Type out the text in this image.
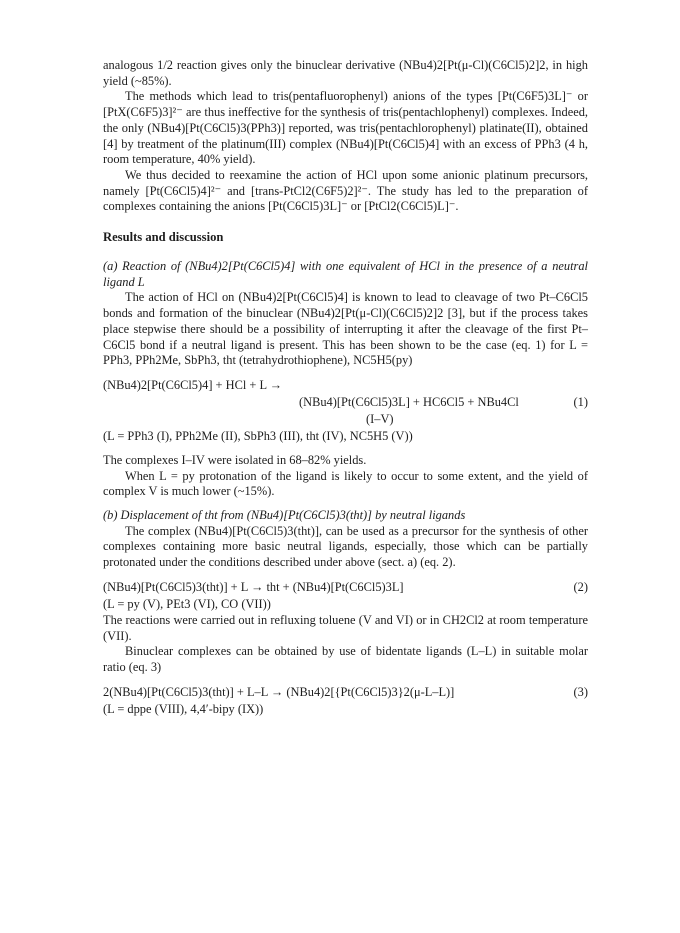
analogous 1/2 reaction gives only the binuclear derivative (NBu4)2[Pt(μ-Cl)(C6Cl5)2]2, in high yield (~85%).

The methods which lead to tris(pentafluorophenyl) anions of the types [Pt(C6F5)3L]⁻ or [PtX(C6F5)3]²⁻ are thus ineffective for the synthesis of tris(pentachlophenyl) complexes. Indeed, the only (NBu4)[Pt(C6Cl5)3(PPh3)] reported, was tris(pentachlorophenyl) platinate(II), obtained [4] by treatment of the platinum(III) complex (NBu4)[Pt(C6Cl5)4] with an excess of PPh3 (4 h, room temperature, 40% yield).

We thus decided to reexamine the action of HCl upon some anionic platinum precursors, namely [Pt(C6Cl5)4]²⁻ and [trans-PtCl2(C6F5)2]²⁻. The study has led to the preparation of complexes containing the anions [Pt(C6Cl5)3L]⁻ or [PtCl2(C6Cl5)L]⁻.

Results and discussion

(a) Reaction of (NBu4)2[Pt(C6Cl5)4] with one equivalent of HCl in the presence of a neutral ligand L

The action of HCl on (NBu4)2[Pt(C6Cl5)4] is known to lead to cleavage of two Pt–C6Cl5 bonds and formation of the binuclear (NBu4)2[Pt(μ-Cl)(C6Cl5)2]2 [3], but if the process takes place stepwise there should be a possibility of interrupting it after the cleavage of the first Pt–C6Cl5 bond if a neutral ligand is present. This has been shown to be the case (eq. 1) for L = PPh3, PPh2Me, SbPh3, tht (tetrahydrothiophene), NC5H5(py)

(NBu4)2[Pt(C6Cl5)4] + HCl + L →
(NBu4)[Pt(C6Cl5)3L] + HC6Cl5 + NBu4Cl	(1)
(I–V)
(L = PPh3 (I), PPh2Me (II), SbPh3 (III), tht (IV), NC5H5 (V))

The complexes I–IV were isolated in 68–82% yields.

When L = py protonation of the ligand is likely to occur to some extent, and the yield of complex V is much lower (~15%).

(b) Displacement of tht from (NBu4)[Pt(C6Cl5)3(tht)] by neutral ligands

The complex (NBu4)[Pt(C6Cl5)3(tht)], can be used as a precursor for the synthesis of other complexes containing more basic neutral ligands, especially, those which can be partially protonated under the conditions described under above (sect. a) (eq. 2).

(NBu4)[Pt(C6Cl5)3(tht)] + L → tht + (NBu4)[Pt(C6Cl5)3L]	(2)
(L = py (V), PEt3 (VI), CO (VII))

The reactions were carried out in refluxing toluene (V and VI) or in CH2Cl2 at room temperature (VII).

Binuclear complexes can be obtained by use of bidentate ligands (L–L) in suitable molar ratio (eq. 3)

2(NBu4)[Pt(C6Cl5)3(tht)] + L–L → (NBu4)2[{Pt(C6Cl5)3}2(μ-L–L)]	(3)
(L = dppe (VIII), 4,4′-bipy (IX))
